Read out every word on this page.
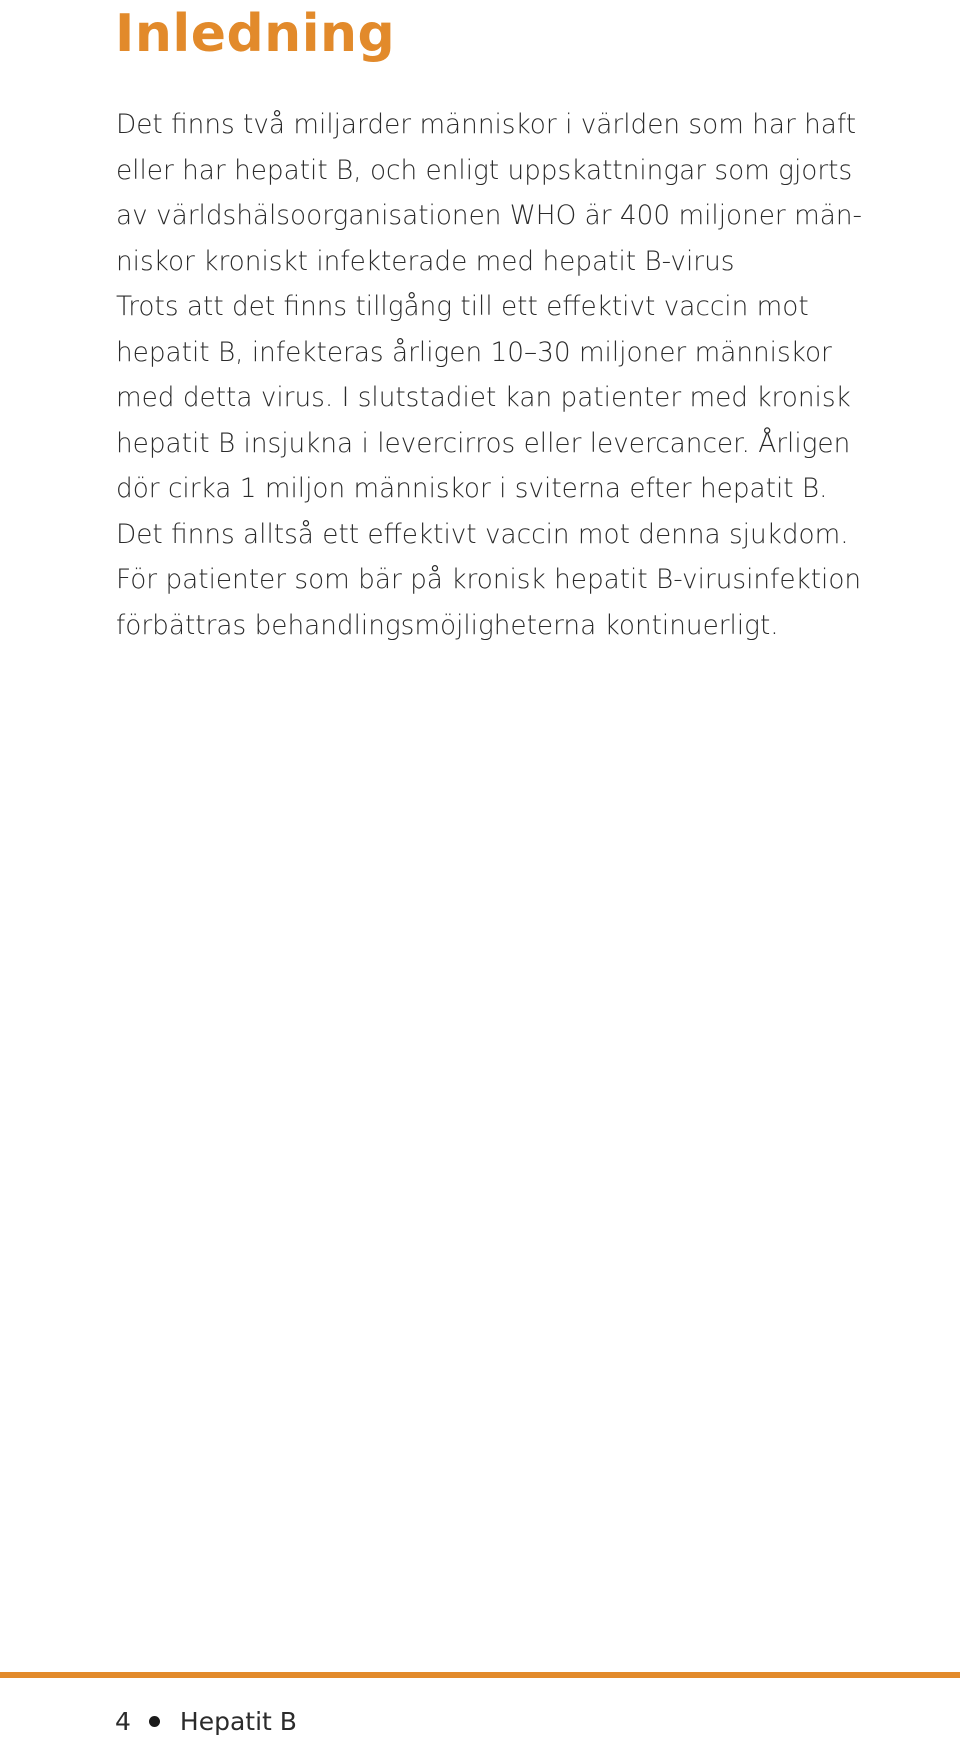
Inledning
Det finns två miljarder människor i världen som har haft
eller har hepatit B, och enligt uppskattningar som gjorts
av världshälsoorganisationen WHO är 400 miljoner män-
niskor kroniskt infekterade med hepatit B-virus
Trots att det finns tillgång till ett effektivt vaccin mot
hepatit B, infekteras årligen 10–30 miljoner människor
med detta virus. I slutstadiet kan patienter med kronisk
hepatit B insjukna i levercirros eller levercancer. Årligen
dör cirka 1 miljon människor i sviterna efter hepatit B.
Det finns alltså ett effektivt vaccin mot denna sjukdom.
För patienter som bär på kronisk hepatit B-virusinfektion
förbättras behandlingsmöjligheterna kontinuerligt.
4 Hepatit B
